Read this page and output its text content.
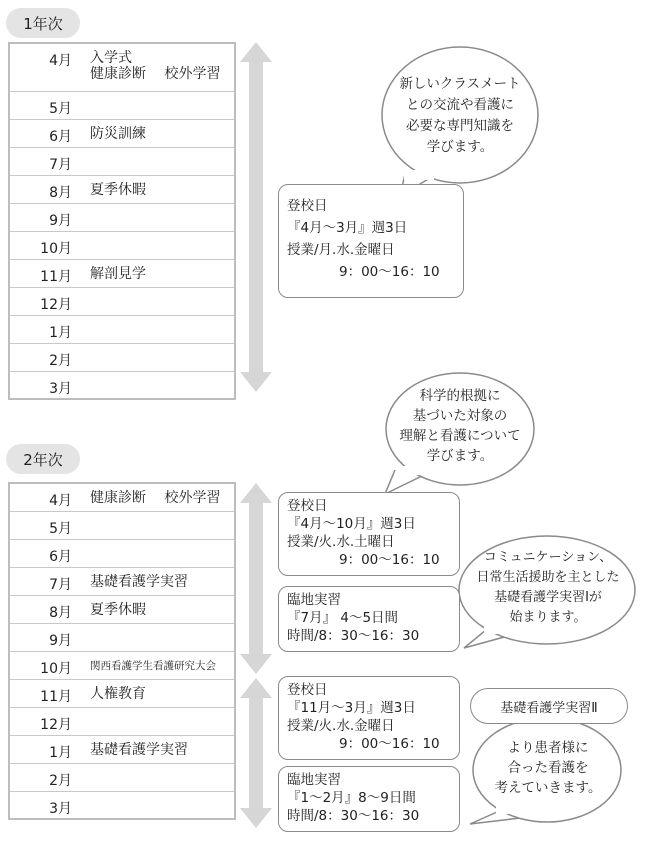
1年次
4月	入学式
健康診断　 校外学習

5月	
6月	防災訓練

7月	
8月	夏季休暇

9月	
10月	
11月	解剖見学

12月	
1月	
2月	
3月	
登校日
『4月～3月』週3日
授業/月.水.金曜日
9：00～16：10
新しいクラスメート
との交流や看護に
必要な専門知識を
学びます。
2年次
4月	健康診断　 校外学習

5月	
6月	
7月	基礎看護学実習

8月	夏季休暇

9月	
10月	関西看護学生看護研究大会

11月	人権教育

12月	
1月	基礎看護学実習

2月	
3月	
登校日
『4月～10月』週3日
授業/火.水.土曜日
9：00～16：10
臨地実習
『7月』 4～5日間
時間/8：30～16：30
登校日
『11月～3月』週3日
授業/火.水.金曜日
9：00～16：10
臨地実習
『1～2月』8～9日間
時間/8：30～16：30
科学的根拠に
基づいた対象の
理解と看護について
学びます。
コミュニケーション、
日常生活援助を主とした
基礎看護学実習Ⅰが
始まります。
基礎看護学実習Ⅱ
より患者様に
合った看護を
考えていきます。
